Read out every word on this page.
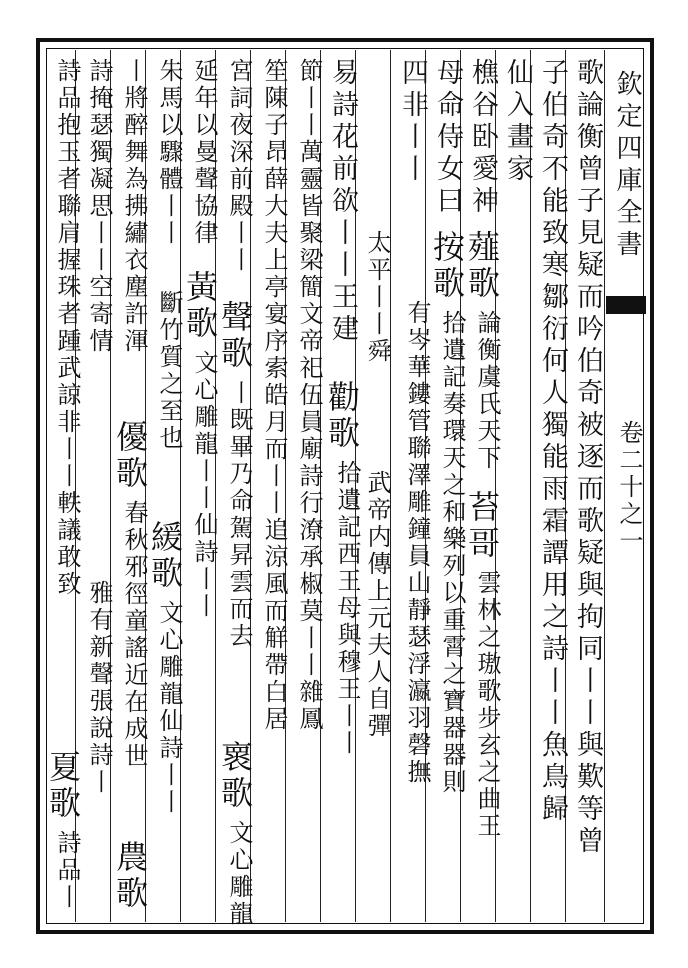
欽定四庫全書
卷二十之一
歌論衡曾子見疑而吟伯奇被逐而歌疑與拘同丨丨與歎等曾
子伯奇不能致寒鄒衍何人獨能雨霜譚用之詩丨丨魚鳥歸
仙入畫家
樵谷卧愛神
薤歌
論衡虞氏天下
苔哥
雲林之璈歌步玄之曲王
母命侍女曰
按歌
拾遺記奏環天之和樂列以重霄之寶器器則
四非丨丨
有岑華鏤管聯澤雕鐘員山靜瑟浮瀛羽磬撫
太平丨丨舜
武帝内傳上元夫人自彈
易詩花前欲丨丨王建
勸歌
拾遺記西王母與穆王丨丨
節丨丨萬靈皆聚梁簡文帝祀伍員廟詩行潦承椒莫丨丨雜鳳
笙陳子昂薛大夫上亭宴序索皓月而丨丨追涼風而觧帶白居
宮詞夜深前殿丨丨
聲歌
丨既畢乃命駕昇雲而去
褱歌
文心雕龍
延年以曼聲協律
黃歌
文心雕龍丨丨仙詩丨丨
朱馬以驟體丨丨
斷竹質之至也
緩歌
文心雕龍仙詩丨丨
丨將醉舞為拂繡衣塵許渾
優歌
春秋邪徑童謠近在成世
農歌
詩掩瑟獨凝思丨丨空寄情
雅有新聲張說詩丨
詩品抱玉者聯肩握珠者踵武諒非丨丨軼議敢致
夏歌
詩品丨
